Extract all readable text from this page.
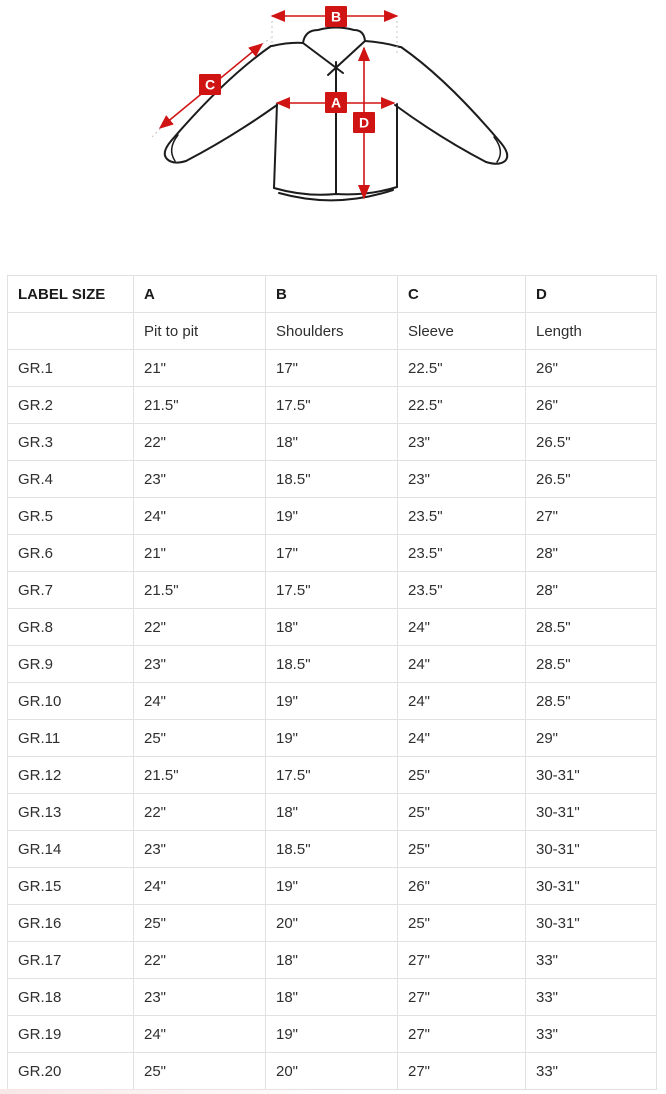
B
C
A
D
LABEL SIZE	A	B	C	D
	Pit to pit	Shoulders	Sleeve	Length
GR.1	21"	17"	22.5"	26"
GR.2	21.5"	17.5"	22.5"	26"
GR.3	22"	18"	23"	26.5"
GR.4	23"	18.5"	23"	26.5"
GR.5	24"	19"	23.5"	27"
GR.6	21"	17"	23.5"	28"
GR.7	21.5"	17.5"	23.5"	28"
GR.8	22"	18"	24"	28.5"
GR.9	23"	18.5"	24"	28.5"
GR.10	24"	19"	24"	28.5"
GR.11	25"	19"	24"	29"
GR.12	21.5"	17.5"	25"	30-31"
GR.13	22"	18"	25"	30-31"
GR.14	23"	18.5"	25"	30-31"
GR.15	24"	19"	26"	30-31"
GR.16	25"	20"	25"	30-31"
GR.17	22"	18"	27"	33"
GR.18	23"	18"	27"	33"
GR.19	24"	19"	27"	33"
GR.20	25"	20"	27"	33"
